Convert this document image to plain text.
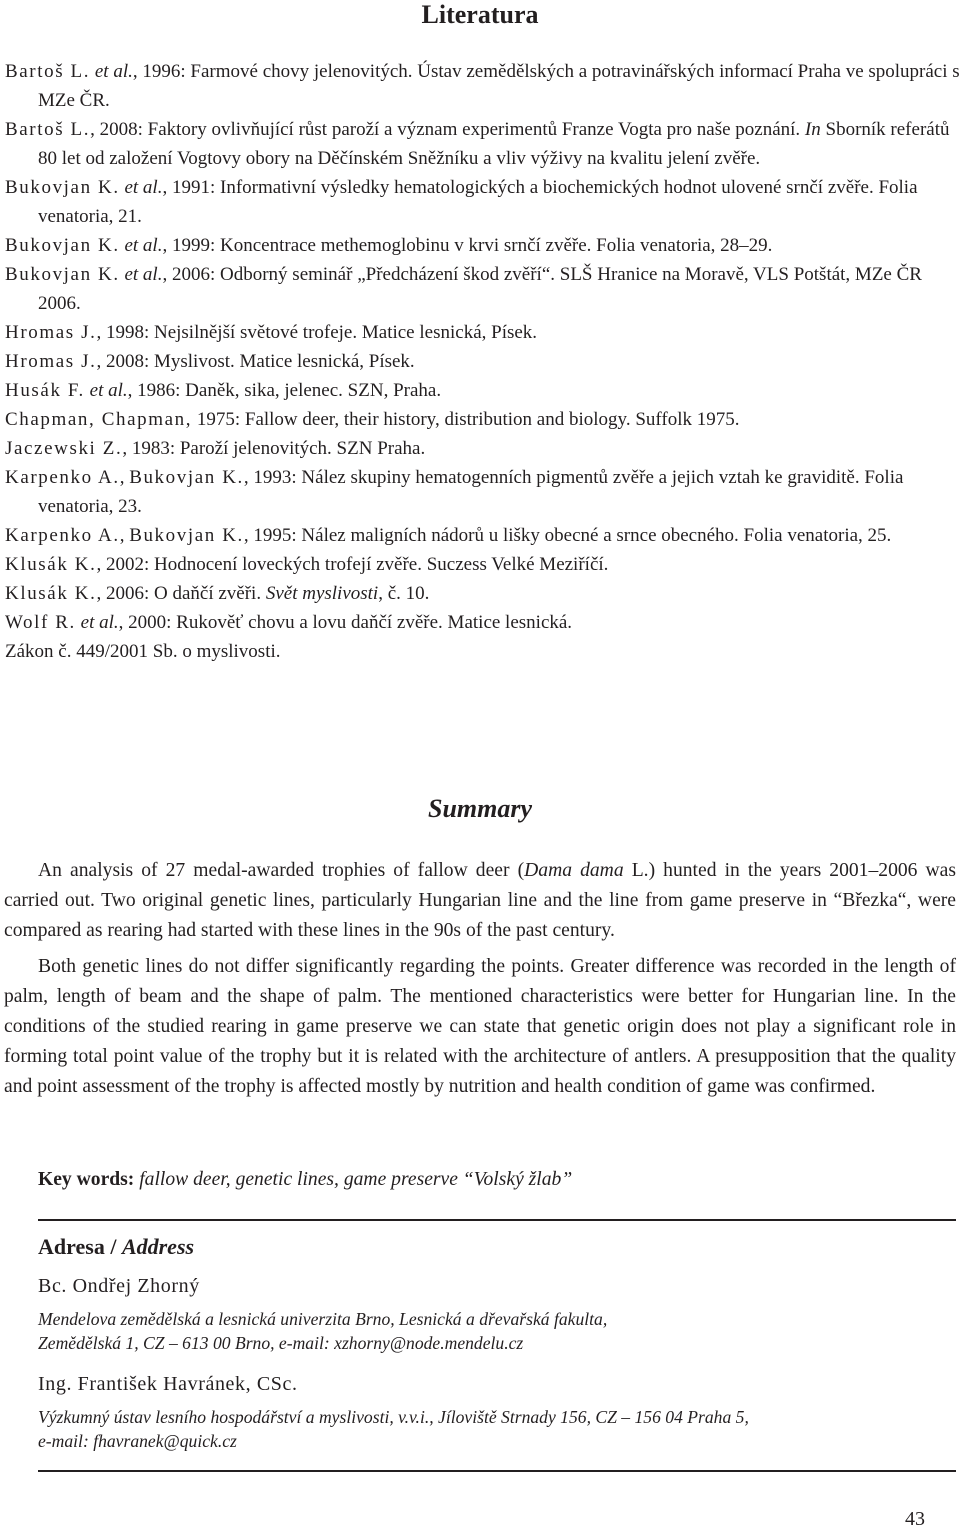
Literatura
Bartoš L. et al., 1996: Farmové chovy jelenovitých. Ústav zemědělských a potravinářských informací Praha ve spolupráci s MZe ČR.
Bartoš L., 2008: Faktory ovlivňující růst paroží a význam experimentů Franze Vogta pro naše poznání. In Sborník referátů 80 let od založení Vogtovy obory na Děčínském Sněžníku a vliv výživy na kvalitu jelení zvěře.
Bukovjan K. et al., 1991: Informativní výsledky hematologických a biochemických hodnot ulovené srnčí zvěře. Folia venatoria, 21.
Bukovjan K. et al., 1999: Koncentrace methemoglobinu v krvi srnčí zvěře. Folia venatoria, 28–29.
Bukovjan K. et al., 2006: Odborný seminář „Předcházení škod zvěří“. SLŠ Hranice na Moravě, VLS Potštát, MZe ČR 2006.
Hromas J., 1998: Nejsilnější světové trofeje. Matice lesnická, Písek.
Hromas J., 2008: Myslivost. Matice lesnická, Písek.
Husák F. et al., 1986: Daněk, sika, jelenec. SZN, Praha.
Chapman, Chapman, 1975: Fallow deer, their history, distribution and biology. Suffolk 1975.
Jaczewski Z., 1983: Paroží jelenovitých. SZN Praha.
Karpenko A., Bukovjan K., 1993: Nález skupiny hematogenních pigmentů zvěře a jejich vztah ke graviditě. Folia venatoria, 23.
Karpenko A., Bukovjan K., 1995: Nález maligních nádorů u lišky obecné a srnce obecného. Folia venatoria, 25.
Klusák K., 2002: Hodnocení loveckých trofejí zvěře. Suczess Velké Meziříčí.
Klusák K., 2006: O daňčí zvěři. Svět myslivosti, č. 10.
Wolf R. et al., 2000: Rukověť chovu a lovu daňčí zvěře. Matice lesnická.
Zákon č. 449/2001 Sb. o myslivosti.
Summary

An analysis of 27 medal-awarded trophies of fallow deer (Dama dama L.) hunted in the years 2001–2006 was carried out. Two original genetic lines, particularly Hungarian line and the line from game preserve in “Březka“, were compared as rearing had started with these lines in the 90s of the past century.

Both genetic lines do not differ significantly regarding the points. Greater difference was recorded in the length of palm, length of beam and the shape of palm. The mentioned characteristics were better for Hungarian line. In the conditions of the studied rearing in game preserve we can state that genetic origin does not play a significant role in forming total point value of the trophy but it is related with the architecture of antlers. A presupposition that the quality and point assessment of the trophy is affected mostly by nutrition and health condition of game was confirmed.

Key words: fallow deer, genetic lines, game preserve “Volský žlab”
Adresa / Address
Bc. Ondřej Zhorný
Mendelova zemědělská a lesnická univerzita Brno, Lesnická a dřevařská fakulta,
Zemědělská 1, CZ – 613 00 Brno, e-mail: xzhorny@node.mendelu.cz
Ing. František Havránek, CSc.
Výzkumný ústav lesního hospodářství a myslivosti, v.v.i., Jíloviště Strnady 156, CZ – 156 04 Praha 5,
e-mail: fhavranek@quick.cz
43
